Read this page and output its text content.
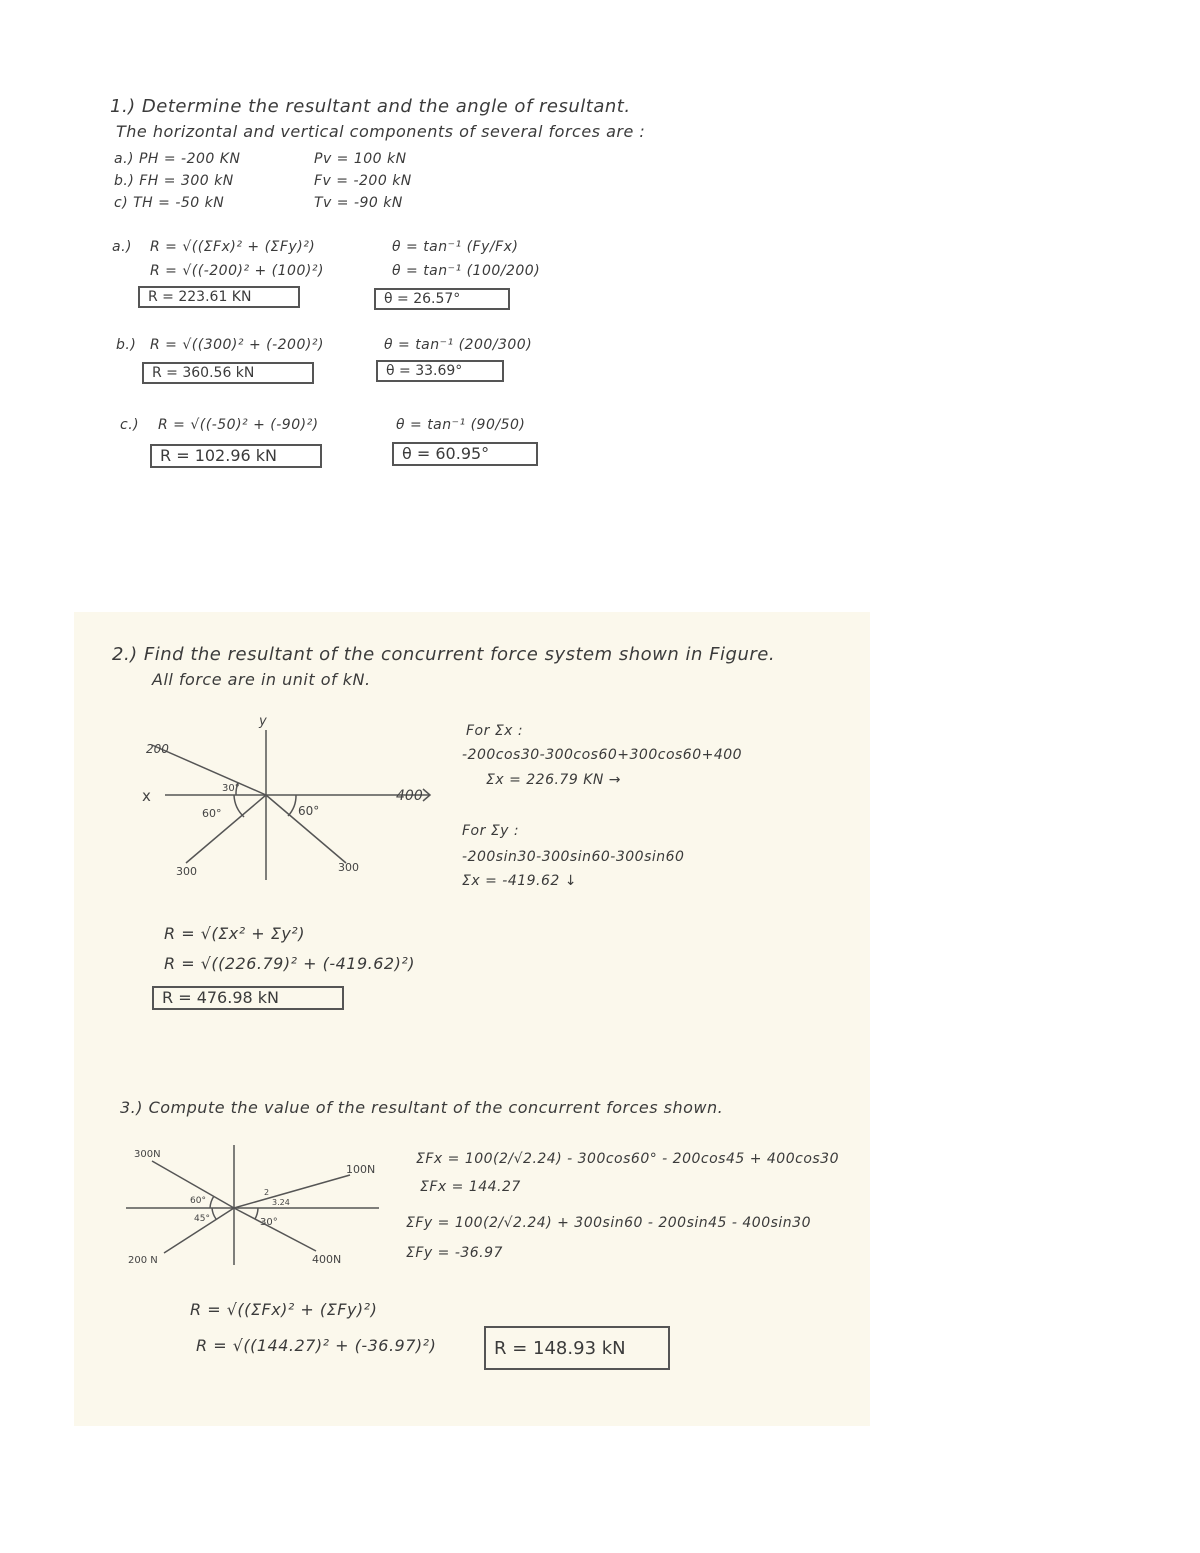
1.) Determine the resultant and the angle of resultant.
The horizontal and vertical components of several forces are :
a.) PH = -200 KN	Pv = 100 kN
b.) FH = 300 kN	Fv = -200 kN
c) TH = -50 kN	Tv = -90 kN
a.) R = √((ΣFx)² + (ΣFy)²)
R = √((-200)² + (100)²)
R = 223.61 KN
θ = tan⁻¹ (Fy/Fx)
θ = tan⁻¹ (100/200)
θ = 26.57°
b.) R = √((300)² + (-200)²)
R = 360.56 kN
θ = tan⁻¹ (200/300)
θ = 33.69°
c.) R = √((-50)² + (-90)²)
R = 102.96 kN
θ = tan⁻¹ (90/50)
θ = 60.95°
2.) Find the resultant of the concurrent force system shown in Figure.
All force are in unit of kN.
y
x
200
400
300	300
30°
60°	60°
For Σx :
-200cos30-300cos60+300cos60+400
Σx = 226.79 KN →
For Σy :
-200sin30-300sin60-300sin60
Σx = -419.62 ↓
R = √(Σx² + Σy²)
R = √((226.79)² + (-419.62)²)
R = 476.98 kN
3.) Compute the value of the resultant of the concurrent forces shown.
300N
100N
200 N	400N
60°
45°	30°
2
3.24
ΣFx = 100(2/√2.24) - 300cos60° - 200cos45 + 400cos30
ΣFx = 144.27
ΣFy = 100(2/√2.24) + 300sin60 - 200sin45 - 400sin30
ΣFy = -36.97
R = √((ΣFx)² + (ΣFy)²)
R = √((144.27)² + (-36.97)²)	R = 148.93 kN
